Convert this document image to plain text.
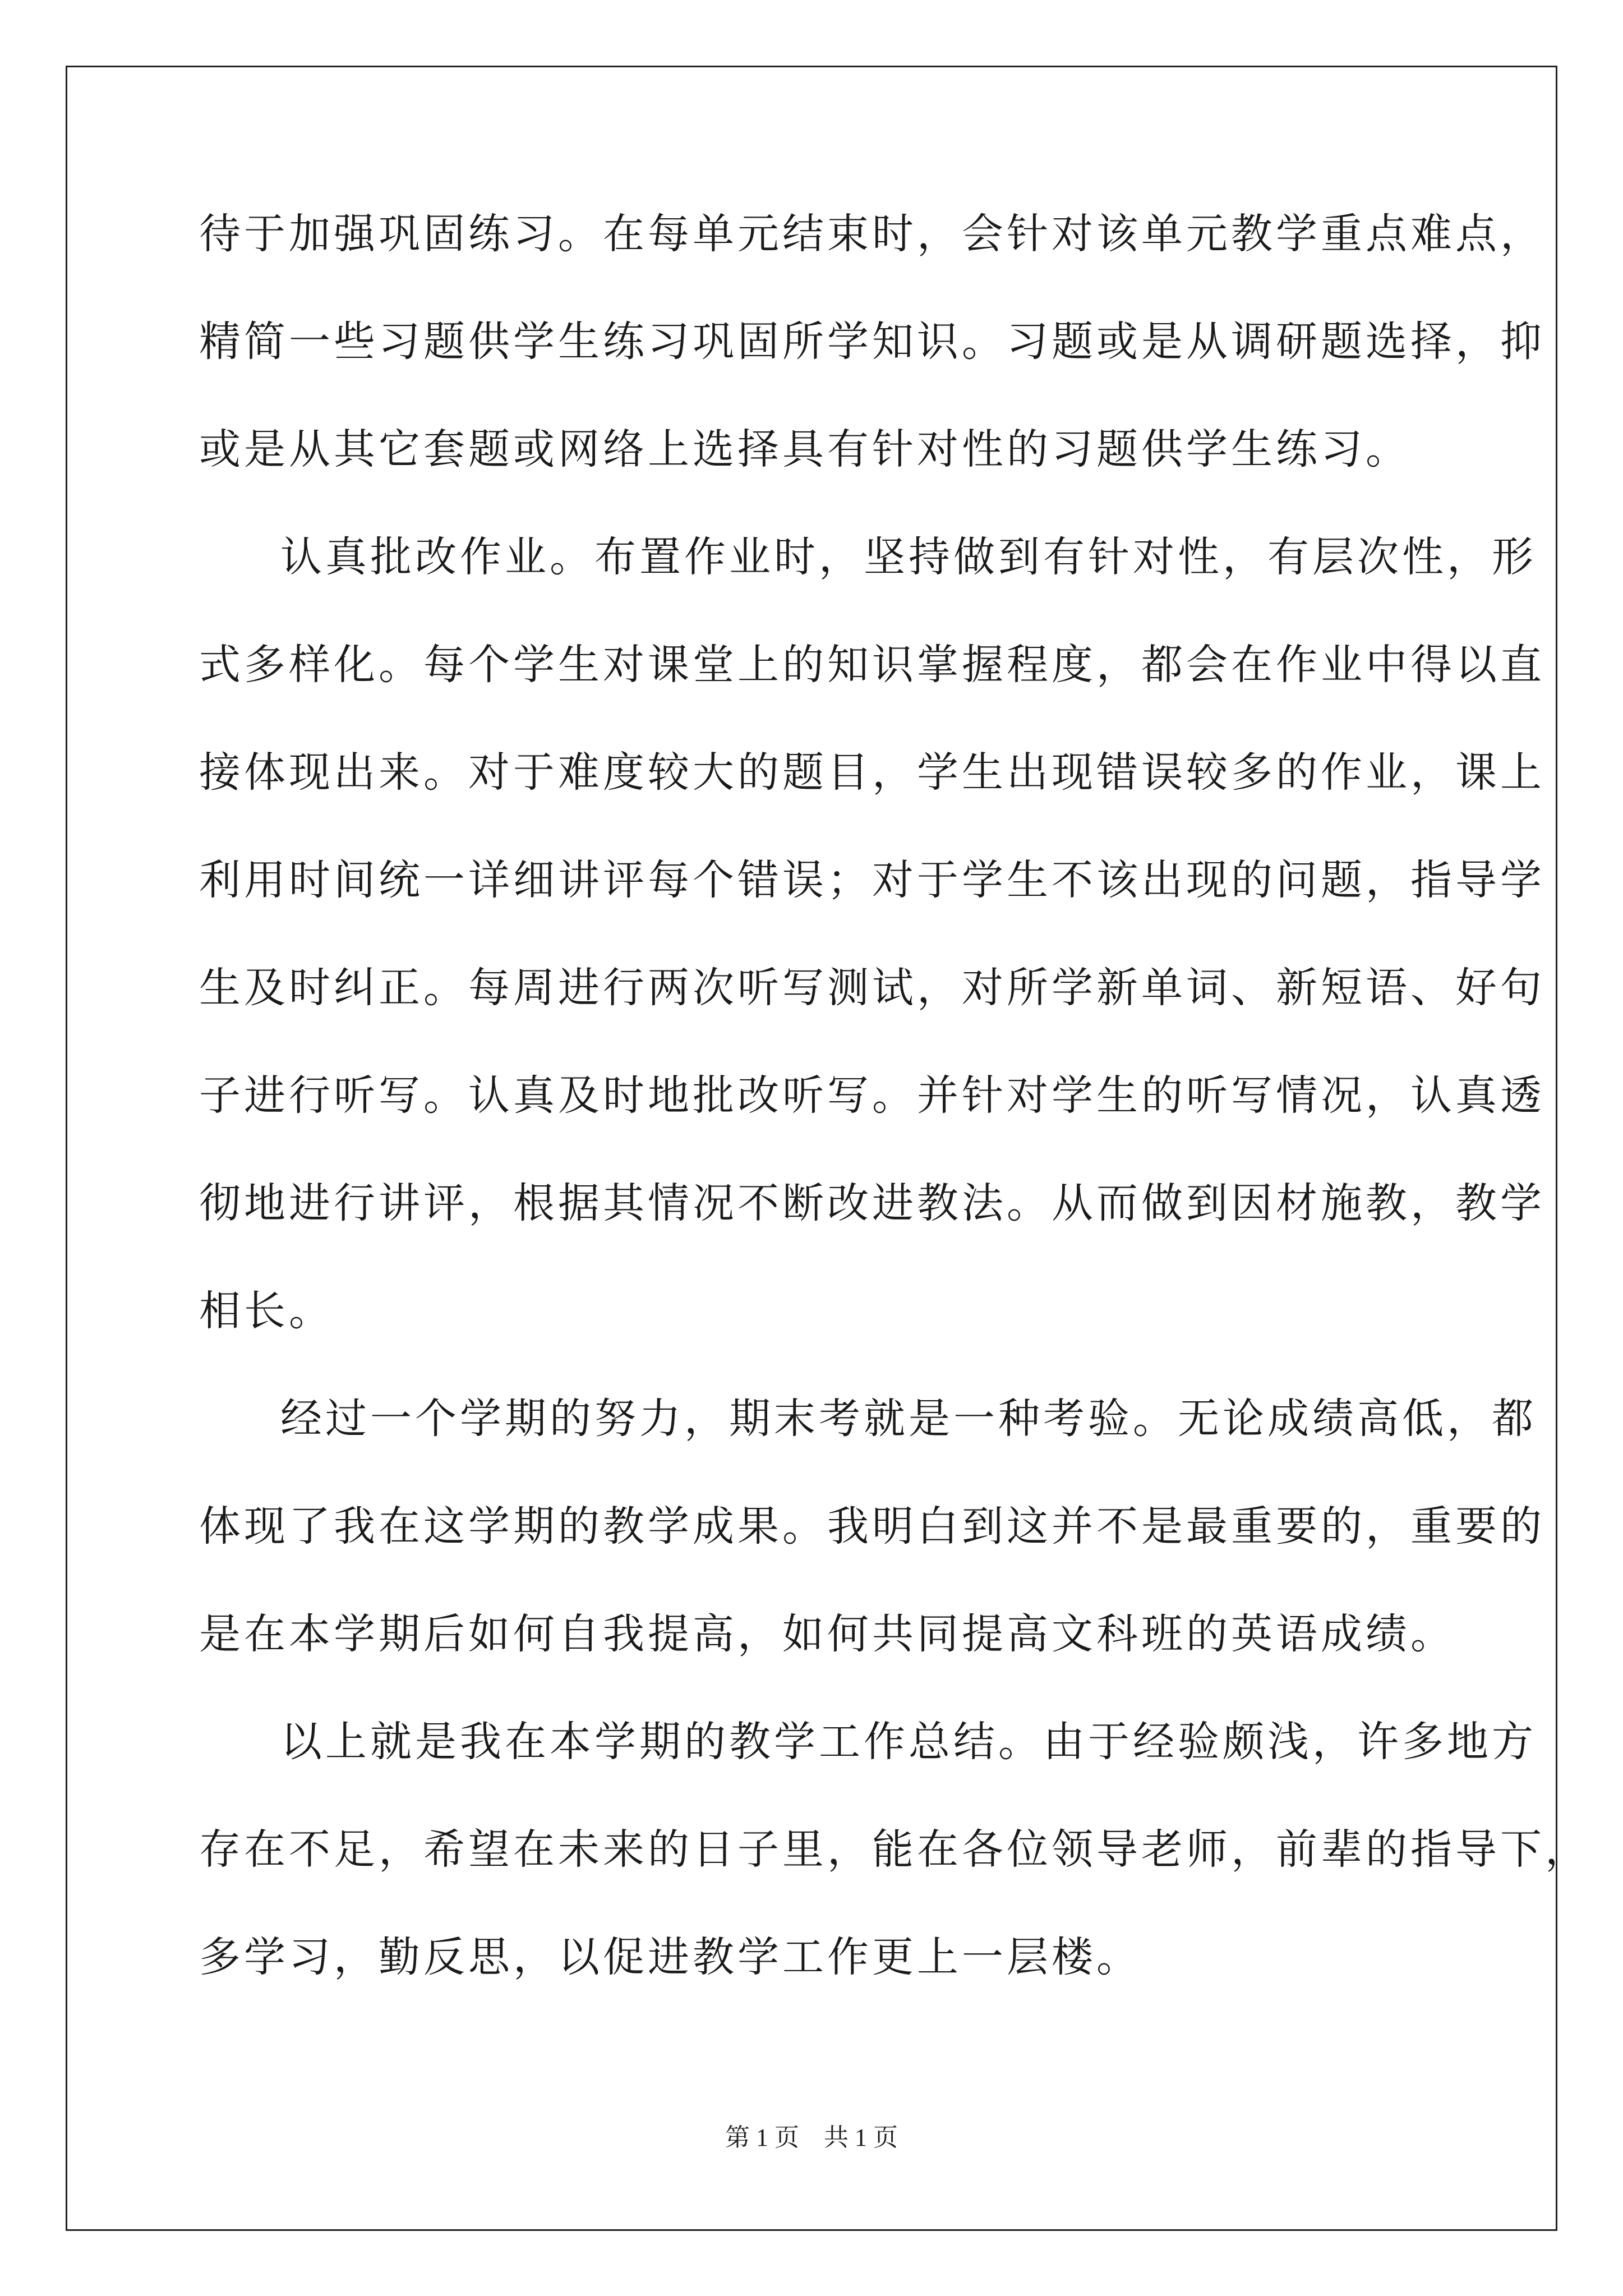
待于加强巩固练习。在每单元结束时，会针对该单元教学重点难点，
精简一些习题供学生练习巩固所学知识。习题或是从调研题选择，抑
或是从其它套题或网络上选择具有针对性的习题供学生练习。
认真批改作业。布置作业时，坚持做到有针对性，有层次性，形
式多样化。每个学生对课堂上的知识掌握程度，都会在作业中得以直
接体现出来。对于难度较大的题目，学生出现错误较多的作业，课上
利用时间统一详细讲评每个错误；对于学生不该出现的问题，指导学
生及时纠正。每周进行两次听写测试，对所学新单词、新短语、好句
子进行听写。认真及时地批改听写。并针对学生的听写情况，认真透
彻地进行讲评，根据其情况不断改进教法。从而做到因材施教，教学
相长。
经过一个学期的努力，期末考就是一种考验。无论成绩高低，都
体现了我在这学期的教学成果。我明白到这并不是最重要的，重要的
是在本学期后如何自我提高，如何共同提高文科班的英语成绩。
以上就是我在本学期的教学工作总结。由于经验颇浅，许多地方
存在不足，希望在未来的日子里，能在各位领导老师，前辈的指导下，
多学习，勤反思，以促进教学工作更上一层楼。
第 1 页　共 1 页
